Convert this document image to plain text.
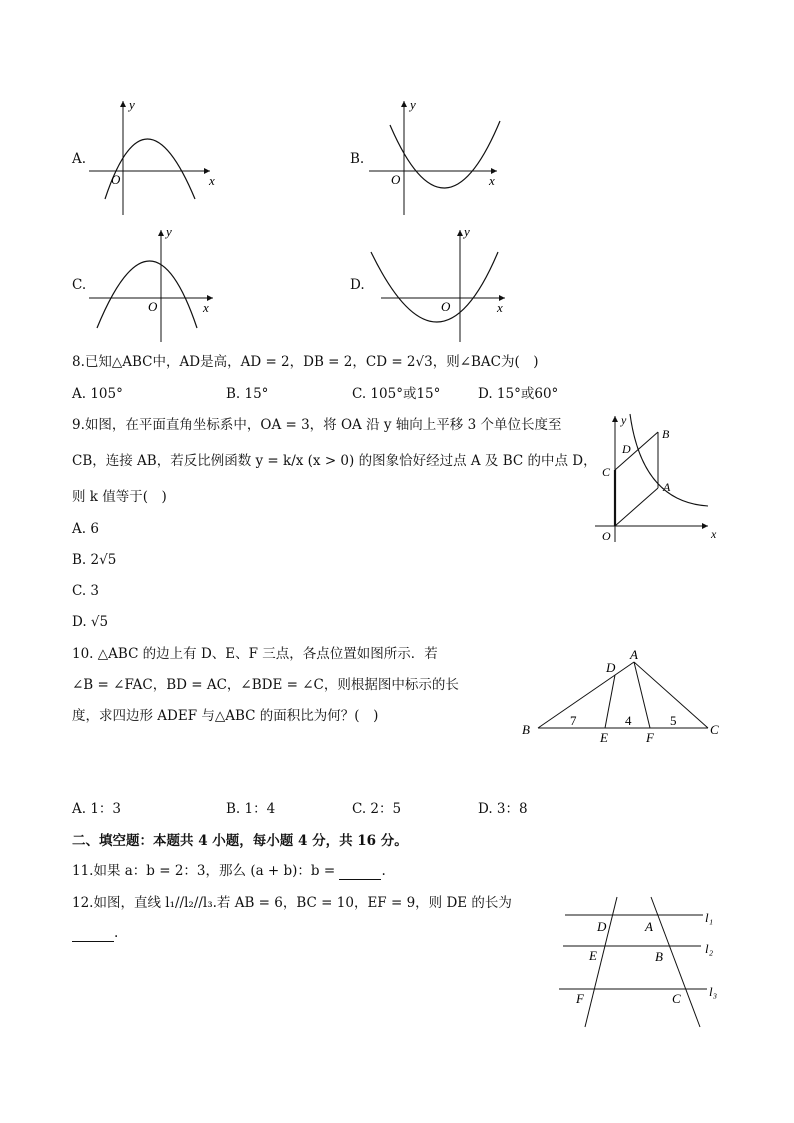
A.
y
x
O
B.
y
x
O
C.
y
x
O
D.
y
x
O
8.已知△ABC中，AD是高，AD = 2，DB = 2，CD = 2√3，则∠BAC为(　)
A. 105°	B. 15°	C. 105°或15°	D. 15°或60°
9.如图，在平面直角坐标系中，OA = 3，将 OA 沿 y 轴向上平移 3 个单位长度至
CB，连接 AB，若反比例函数 y = k/x (x > 0) 的图象恰好经过点 A 及 BC 的中点 D，
则 k 值等于(　)
A. 6
B. 2√5
C. 3
D. √5
y
x
O
C
D
B
A
10. △ABC 的边上有 D、E、F 三点，各点位置如图所示．若
∠B = ∠FAC，BD = AC，∠BDE = ∠C，则根据图中标示的长
度，求四边形 ADEF 与△ABC 的面积比为何？(　)
A
D
B	C
E	F
7	4	5
A. 1：3	B. 1：4	C. 2：5	D. 3：8
二、填空题：本题共 4 小题，每小题 4 分，共 16 分。
11.如果 a：b = 2：3，那么 (a + b)：b =	.
12.如图，直线 l₁//l₂//l₃.若 AB = 6，BC = 10，EF = 9，则 DE 的长为
.	D	A
E	B
F	C
l₁
l₂
l₃
